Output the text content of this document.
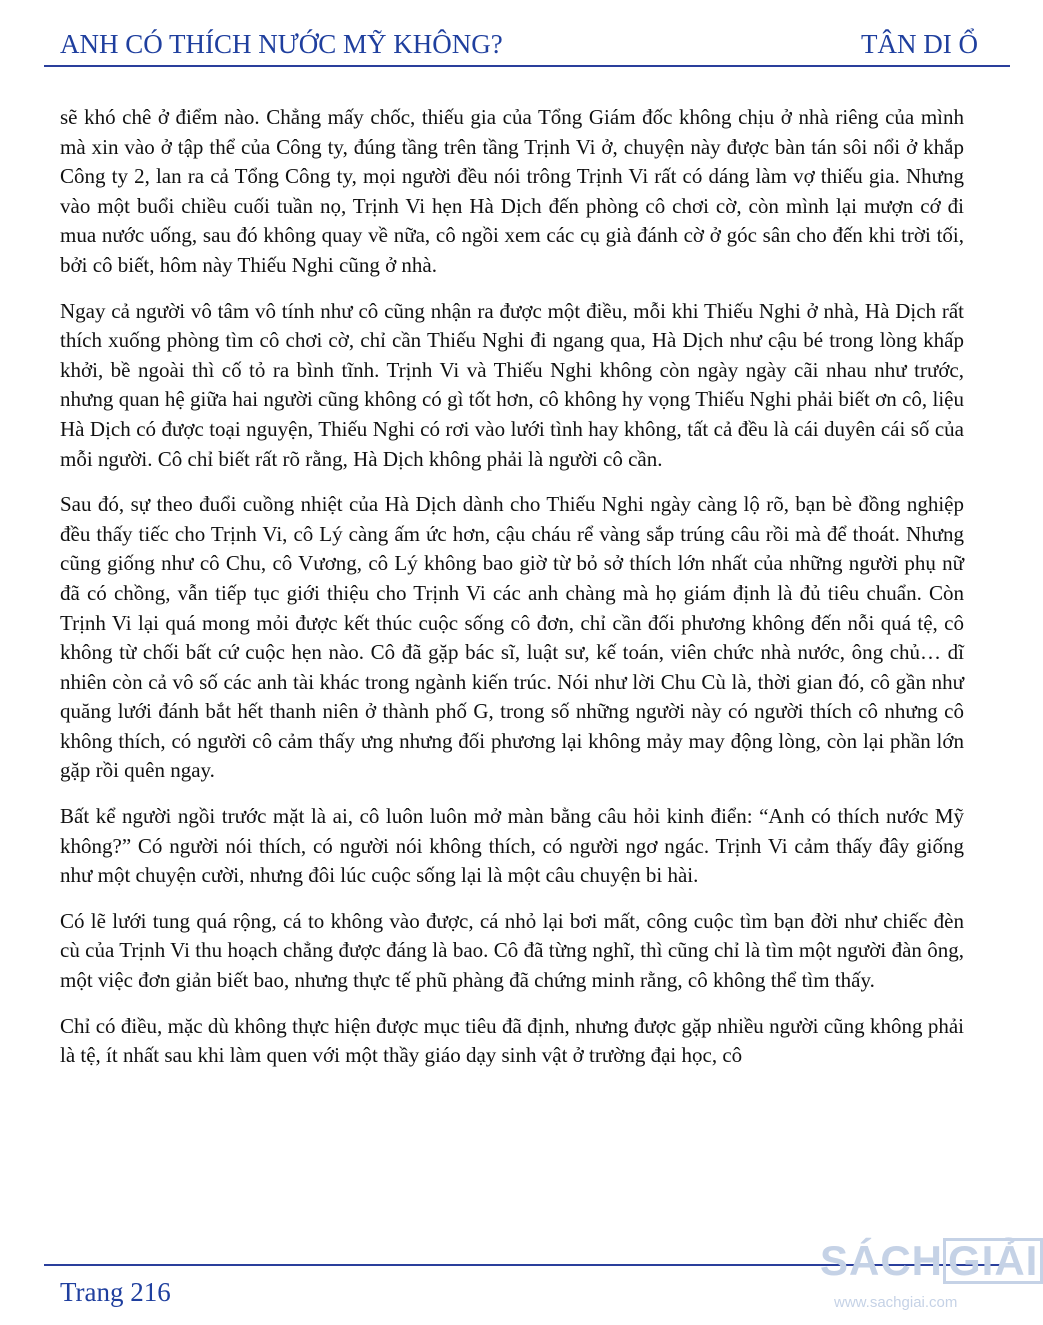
ANH CÓ THÍCH NƯỚC MỸ KHÔNG?	TÂN DI Ổ

sẽ khó chê ở điểm nào. Chẳng mấy chốc, thiếu gia của Tổng Giám đốc không chịu ở nhà riêng của mình mà xin vào ở tập thể của Công ty, đúng tầng trên tầng Trịnh Vi ở, chuyện này được bàn tán sôi nổi ở khắp Công ty 2, lan ra cả Tổng Công ty, mọi người đều nói trông Trịnh Vi rất có dáng làm vợ thiếu gia. Nhưng vào một buổi chiều cuối tuần nọ, Trịnh Vi hẹn Hà Dịch đến phòng cô chơi cờ, còn mình lại mượn cớ đi mua nước uống, sau đó không quay về nữa, cô ngồi xem các cụ già đánh cờ ở góc sân cho đến khi trời tối, bởi cô biết, hôm này Thiếu Nghi cũng ở nhà.

Ngay cả người vô tâm vô tính như cô cũng nhận ra được một điều, mỗi khi Thiếu Nghi ở nhà, Hà Dịch rất thích xuống phòng tìm cô chơi cờ, chỉ cần Thiếu Nghi đi ngang qua, Hà Dịch như cậu bé trong lòng khấp khởi, bề ngoài thì cố tỏ ra bình tĩnh. Trịnh Vi và Thiếu Nghi không còn ngày ngày cãi nhau như trước, nhưng quan hệ giữa hai người cũng không có gì tốt hơn, cô không hy vọng Thiếu Nghi phải biết ơn cô, liệu Hà Dịch có được toại nguyện, Thiếu Nghi có rơi vào lưới tình hay không, tất cả đều là cái duyên cái số của mỗi người. Cô chỉ biết rất rõ rằng, Hà Dịch không phải là người cô cần.

Sau đó, sự theo đuổi cuồng nhiệt của Hà Dịch dành cho Thiếu Nghi ngày càng lộ rõ, bạn bè đồng nghiệp đều thấy tiếc cho Trịnh Vi, cô Lý càng ấm ức hơn, cậu cháu rể vàng sắp trúng câu rồi mà để thoát. Nhưng cũng giống như cô Chu, cô Vương, cô Lý không bao giờ từ bỏ sở thích lớn nhất của những người phụ nữ đã có chồng, vẫn tiếp tục giới thiệu cho Trịnh Vi các anh chàng mà họ giám định là đủ tiêu chuẩn. Còn Trịnh Vi lại quá mong mỏi được kết thúc cuộc sống cô đơn, chỉ cần đối phương không đến nỗi quá tệ, cô không từ chối bất cứ cuộc hẹn nào. Cô đã gặp bác sĩ, luật sư, kế toán, viên chức nhà nước, ông chủ… dĩ nhiên còn cả vô số các anh tài khác trong ngành kiến trúc. Nói như lời Chu Cù là, thời gian đó, cô gần như quăng lưới đánh bắt hết thanh niên ở thành phố G, trong số những người này có người thích cô nhưng cô không thích, có người cô cảm thấy ưng nhưng đối phương lại không mảy may động lòng, còn lại phần lớn gặp rồi quên ngay.

Bất kể người ngồi trước mặt là ai, cô luôn luôn mở màn bằng câu hỏi kinh điển: “Anh có thích nước Mỹ không?” Có người nói thích, có người nói không thích, có người ngơ ngác. Trịnh Vi cảm thấy đây giống như một chuyện cười, nhưng đôi lúc cuộc sống lại là một câu chuyện bi hài.

Có lẽ lưới tung quá rộng, cá to không vào được, cá nhỏ lại bơi mất, công cuộc tìm bạn đời như chiếc đèn cù của Trịnh Vi thu hoạch chẳng được đáng là bao. Cô đã từng nghĩ, thì cũng chỉ là tìm một người đàn ông, một việc đơn giản biết bao, nhưng thực tế phũ phàng đã chứng minh rằng, cô không thể tìm thấy.

Chỉ có điều, mặc dù không thực hiện được mục tiêu đã định, nhưng được gặp nhiều người cũng không phải là tệ, ít nhất sau khi làm quen với một thầy giáo dạy sinh vật ở trường đại học, cô

Trang 216
SÁCH GIẢI
www.sachgiai.com
